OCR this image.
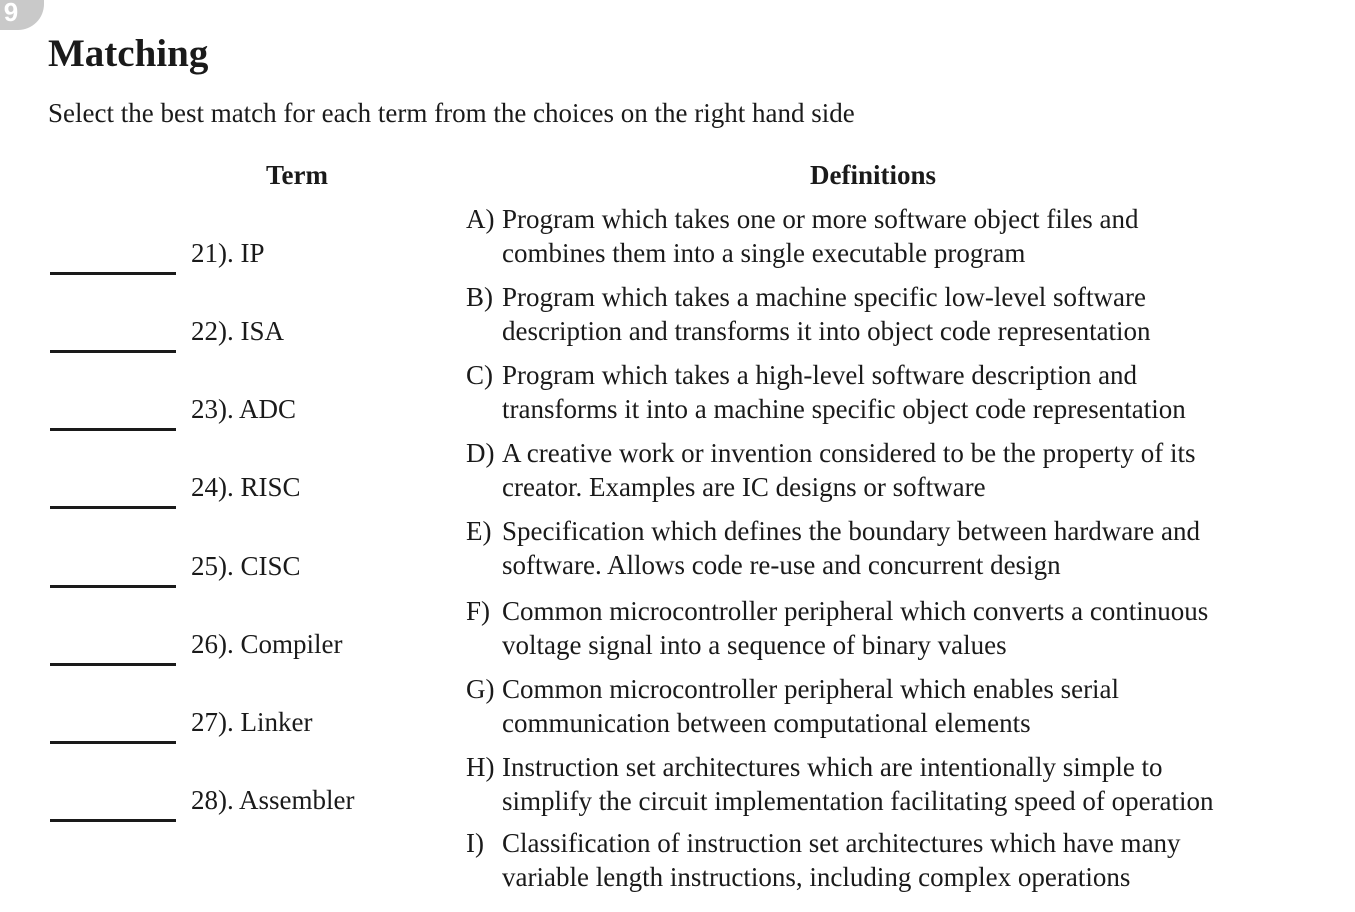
9
Matching
Select the best match for each term from the choices on the right hand side
Term	Definitions
21). IP
22). ISA
23). ADC
24). RISC
25). CISC
26). Compiler
27). Linker
28). Assembler
A) Program which takes one or more software object files and
combines them into a single executable program
B) Program which takes a machine specific low-level software
description and transforms it into object code representation
C) Program which takes a high-level software description and
transforms it into a machine specific object code representation
D) A creative work or invention considered to be the property of its
creator. Examples are IC designs or software
E) Specification which defines the boundary between hardware and
software. Allows code re-use and concurrent design
F) Common microcontroller peripheral which converts a continuous
voltage signal into a sequence of binary values
G) Common microcontroller peripheral which enables serial
communication between computational elements
H) Instruction set architectures which are intentionally simple to
simplify the circuit implementation facilitating speed of operation
I) Classification of instruction set architectures which have many
variable length instructions, including complex operations
